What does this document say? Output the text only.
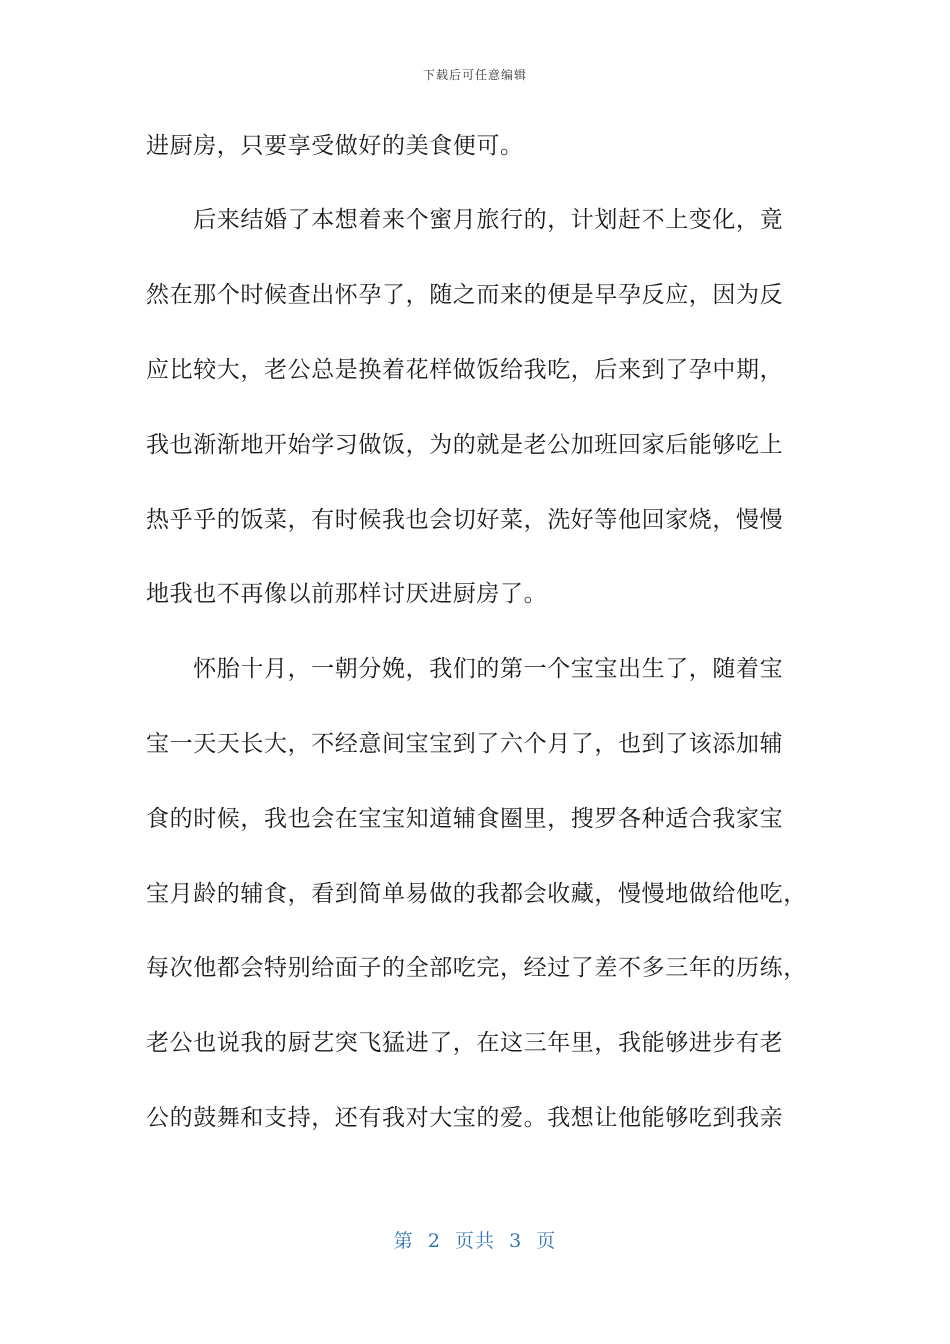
下载后可任意编辑
进厨房，只要享受做好的美食便可。
　　后来结婚了本想着来个蜜月旅行的，计划赶不上变化，竟
然在那个时候查出怀孕了，随之而来的便是早孕反应，因为反
应比较大，老公总是换着花样做饭给我吃，后来到了孕中期，
我也渐渐地开始学习做饭，为的就是老公加班回家后能够吃上
热乎乎的饭菜，有时候我也会切好菜，洗好等他回家烧，慢慢
地我也不再像以前那样讨厌进厨房了。
　　怀胎十月，一朝分娩，我们的第一个宝宝出生了，随着宝
宝一天天长大，不经意间宝宝到了六个月了，也到了该添加辅
食的时候，我也会在宝宝知道辅食圈里，搜罗各种适合我家宝
宝月龄的辅食，看到简单易做的我都会收藏，慢慢地做给他吃，
每次他都会特别给面子的全部吃完，经过了差不多三年的历练，
老公也说我的厨艺突飞猛进了，在这三年里，我能够进步有老
公的鼓舞和支持，还有我对大宝的爱。我想让他能够吃到我亲
第  2  页共  3  页
